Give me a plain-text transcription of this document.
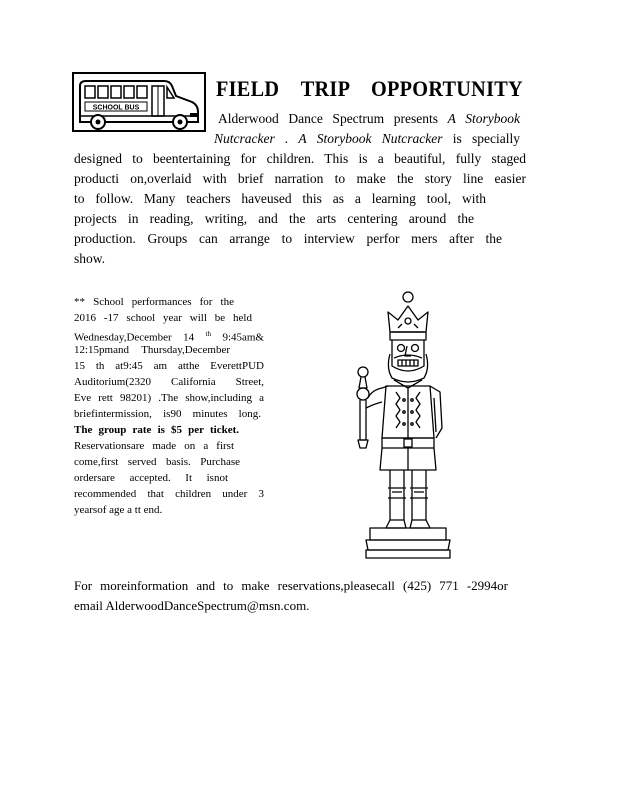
SCHOOL BUS
FIELD TRIP OPPORTUNITY
Alderwood Dance Spectrum presents A Storybook
Nutcracker . A Storybook Nutcracker is specially
designed to beentertaining for children. This is a beautiful, fully staged
producti on,overlaid with brief narration to make the story line easier
to follow. Many teachers haveused this as a learning tool, with
projects in reading, writing, and the arts centering around the
production. Groups can arrange to interview perfor mers after the
show.
** School performances for the
2016 -17 school year will be held
Wednesday,December 14 $^{th}$ 9:45am&
12:15pmand Thursday,December
15 th at9:45 am atthe EverettPUD
Auditorium(2320 California Street,
Eve rett 98201) .The show,including a
briefintermission, is90 minutes long.
The group rate is $5 per ticket.
Reservationsare made on a first
come,first served basis. Purchase
ordersare accepted. It isnot
recommended that children under 3
yearsof age a tt end.
For moreinformation and to make reservations,pleasecall (425) 771 -2994or
email AlderwoodDanceSpectrum@msn.com.
